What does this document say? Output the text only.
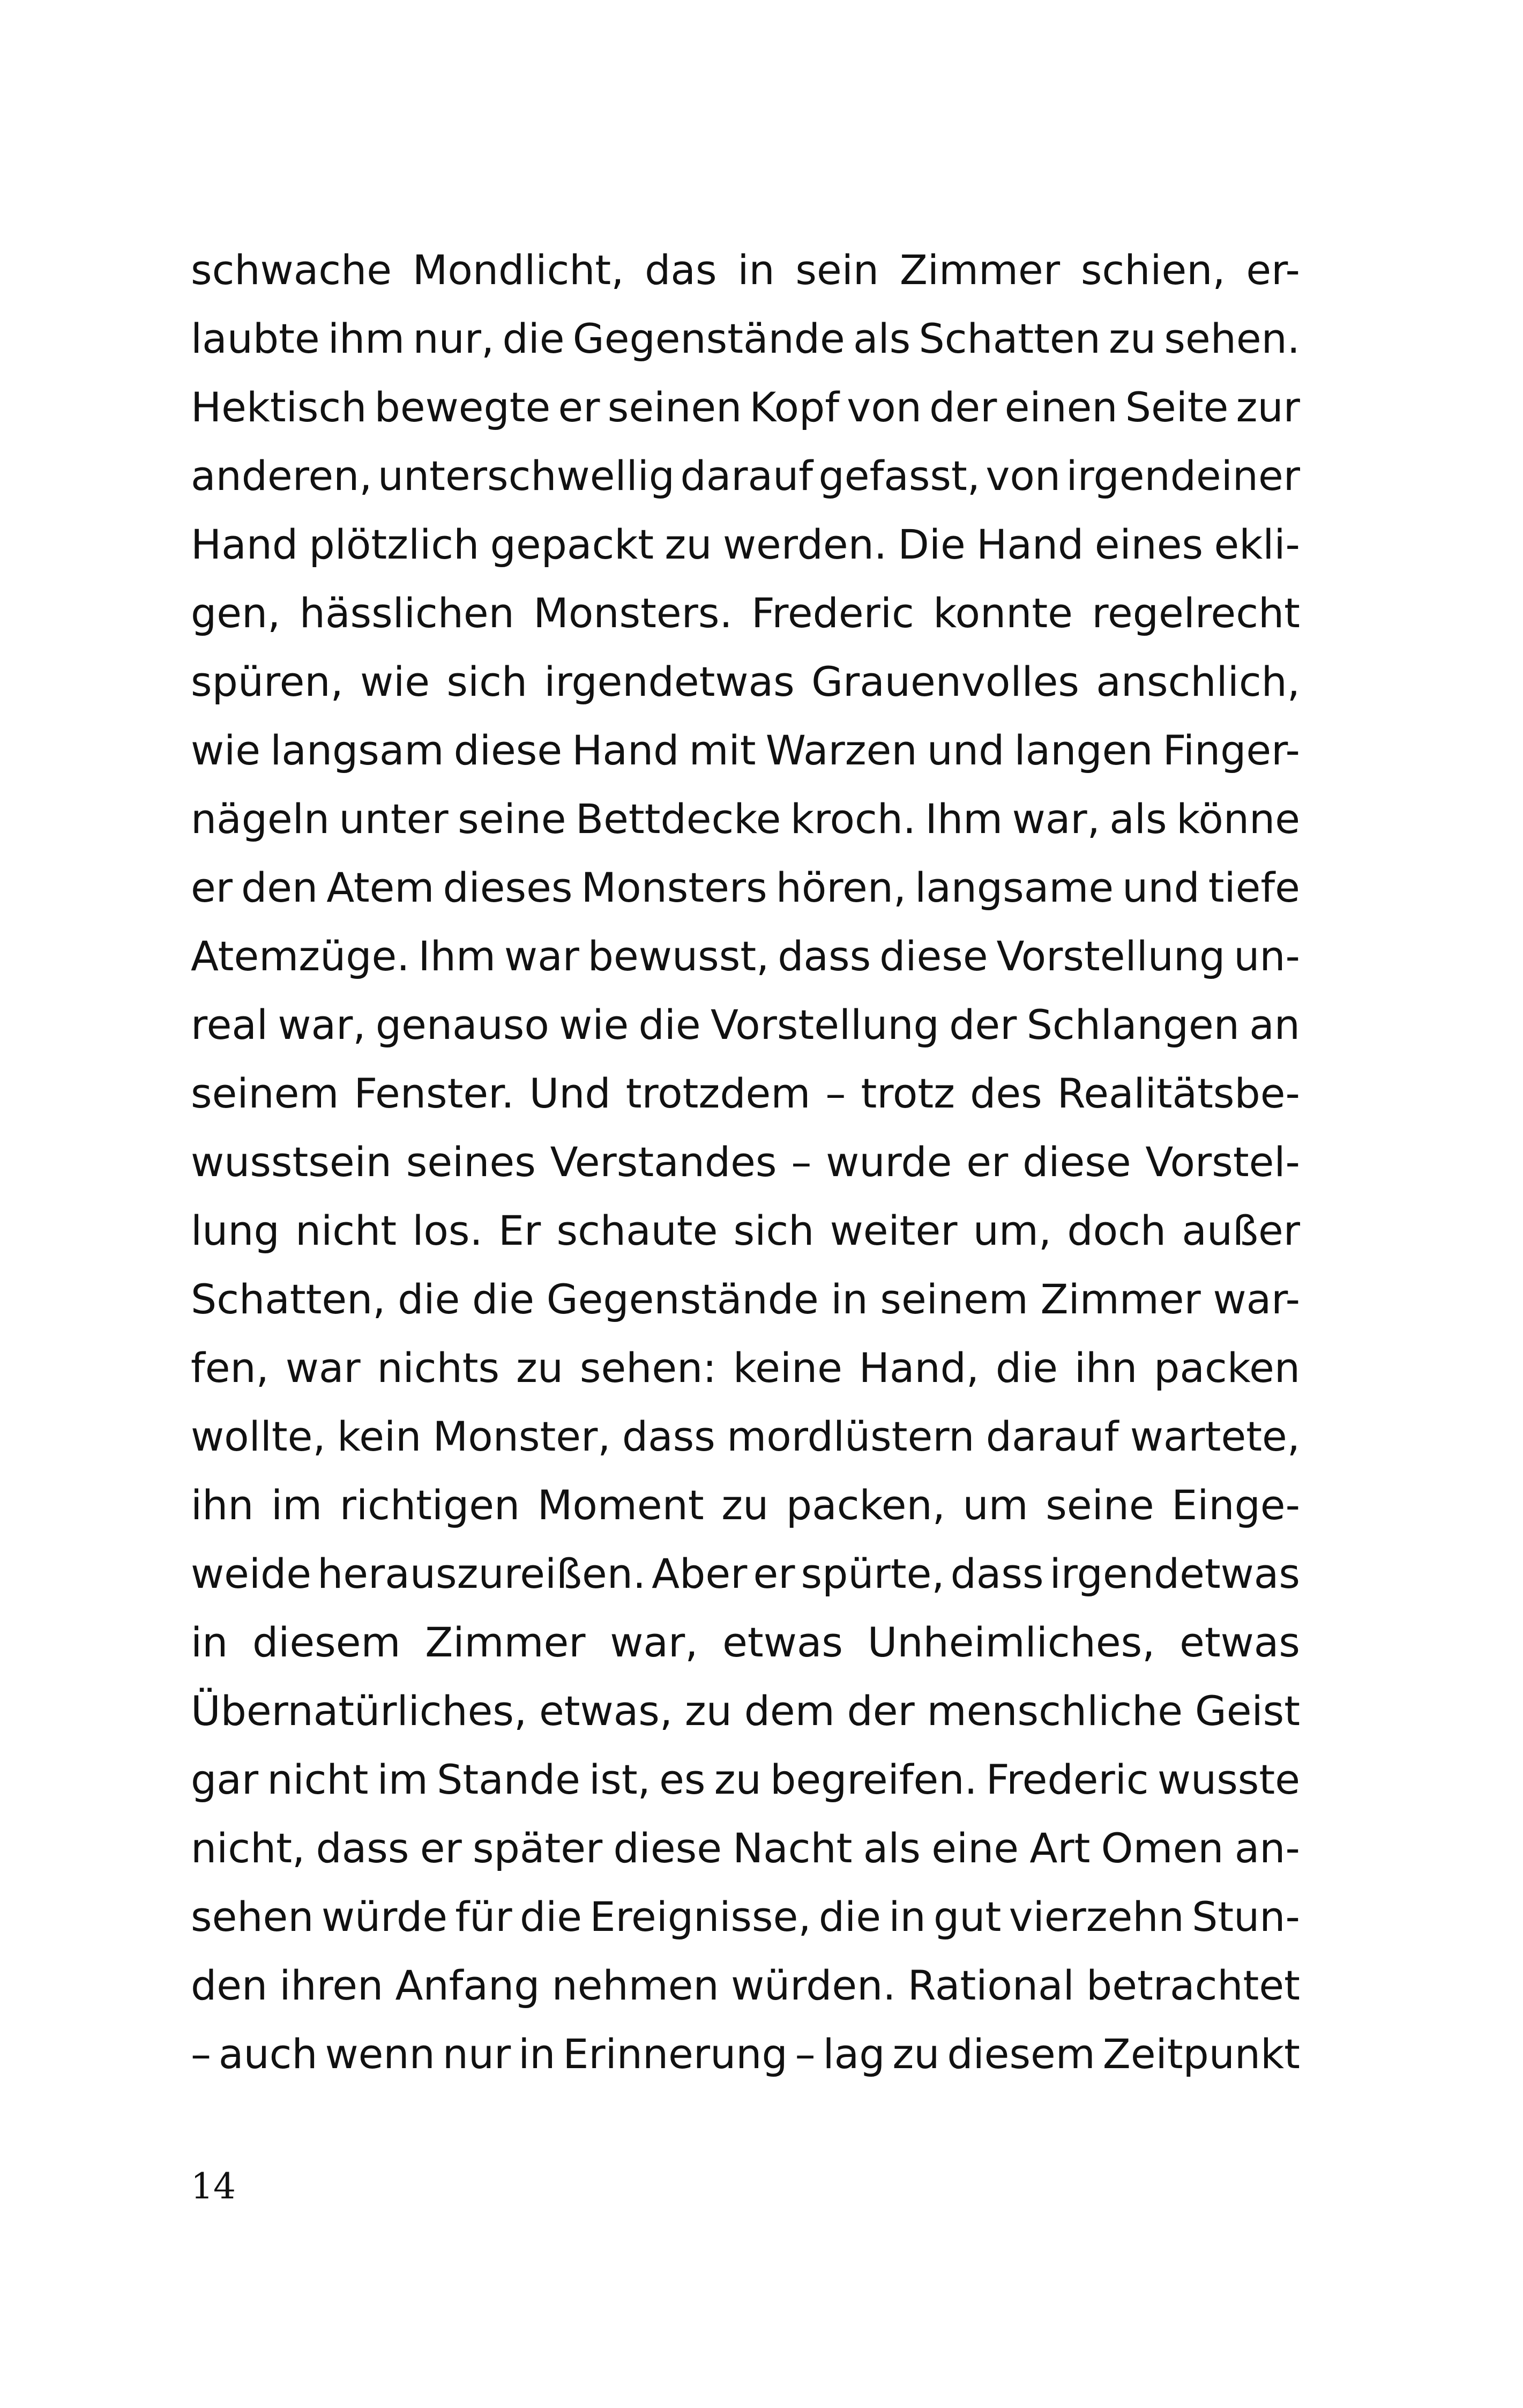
schwache Mondlicht, das in sein Zimmer schien, er-
laubte ihm nur, die Gegenstände als Schatten zu sehen.
Hektisch bewegte er seinen Kopf von der einen Seite zur
anderen, unterschwellig darauf gefasst, von irgendeiner
Hand plötzlich gepackt zu werden. Die Hand eines ekli-
gen, hässlichen Monsters. Frederic konnte regelrecht
spüren, wie sich irgendetwas Grauenvolles anschlich,
wie langsam diese Hand mit Warzen und langen Finger-
nägeln unter seine Bettdecke kroch. Ihm war, als könne
er den Atem dieses Monsters hören, langsame und tiefe
Atemzüge. Ihm war bewusst, dass diese Vorstellung un-
real war, genauso wie die Vorstellung der Schlangen an
seinem Fenster. Und trotzdem – trotz des Realitätsbe-
wusstsein seines Verstandes – wurde er diese Vorstel-
lung nicht los. Er schaute sich weiter um, doch außer
Schatten, die die Gegenstände in seinem Zimmer war-
fen, war nichts zu sehen: keine Hand, die ihn packen
wollte, kein Monster, dass mordlüstern darauf wartete,
ihn im richtigen Moment zu packen, um seine Einge-
weide herauszureißen. Aber er spürte, dass irgendetwas
in diesem Zimmer war, etwas Unheimliches, etwas
Übernatürliches, etwas, zu dem der menschliche Geist
gar nicht im Stande ist, es zu begreifen. Frederic wusste
nicht, dass er später diese Nacht als eine Art Omen an-
sehen würde für die Ereignisse, die in gut vierzehn Stun-
den ihren Anfang nehmen würden. Rational betrachtet
– auch wenn nur in Erinnerung – lag zu diesem Zeitpunkt
14
